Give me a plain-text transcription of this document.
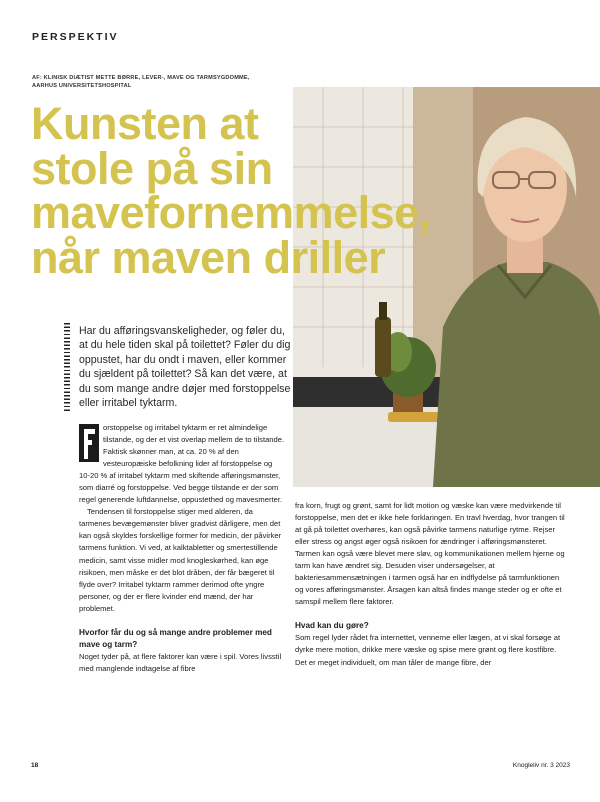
PERSPEKTIV
AF: KLINISK DIÆTIST METTE BØRRE, LEVER-, MAVE OG TARMSYGDOMME, AARHUS UNIVERSITETSHOSPITAL
Kunsten at
stole på sin
mavefornemmelse,
når maven driller
Har du afføringsvanskeligheder, og føler du, at du hele tiden skal på toilettet? Føler du dig oppustet, har du ondt i maven, eller kommer du sjældent på toilettet? Så kan det være, at du som mange andre døjer med forstoppelse eller irritabel tyktarm.

orstoppelse og irritabel tyktarm er ret almindelige tilstande, og der et vist overlap mellem de to tilstande. Faktisk skønner man, at ca. 20 % af den vesteuropæiske befolkning lider af forstoppelse og 10-20 % af irritabel tyktarm med skiftende afføringsmønster, som diarré og forstoppelse. Ved begge tilstande er der som regel generende luftdannelse, oppustethed og mavesmerter.

Tendensen til forstoppelse stiger med alderen, da tarmenes bevægemønster bliver gradvist dårligere, men det kan også skyldes forskellige former for medicin, der påvirker tarmens funktion. Vi ved, at kalktabletter og smertestillende medicin, samt visse midler mod knogleskørhed, kan øge risikoen, men måske er det blot dråben, der får bægeret til flyde over? Irritabel tyktarm rammer derimod ofte yngre personer, og der er flere kvinder end mænd, der har problemet.

Hvorfor får du og så mange andre problemer med mave og tarm?

Noget tyder på, at flere faktorer kan være i spil. Vores livsstil med manglende indtagelse af fibre

fra korn, frugt og grønt, samt for lidt motion og væske kan være medvirkende til forstoppelse, men det er ikke hele forklaringen. En travl hverdag, hvor trangen til at gå på toilettet overhøres, kan også påvirke tarmens naturlige rytme. Rejser eller stress og angst øger også risikoen for ændringer i afføringsmønsteret. Tarmen kan også være blevet mere sløv, og kommunikationen mellem hjerne og tarm kan have ændret sig. Desuden viser undersøgelser, at bakteriesammensætningen i tarmen også har en indflydelse på tarmfunktionen og vores afføringsmønster. Årsagen kan altså findes mange steder og er ofte et samspil mellem flere faktorer.

Hvad kan du gøre?

Som regel lyder rådet fra internettet, vennerne eller lægen, at vi skal forsøge at dyrke mere motion, drikke mere væske og spise mere grønt og flere kostfibre. Det er meget individuelt, om man tåler de mange fibre, der

18	Knogleliv nr. 3 2023
